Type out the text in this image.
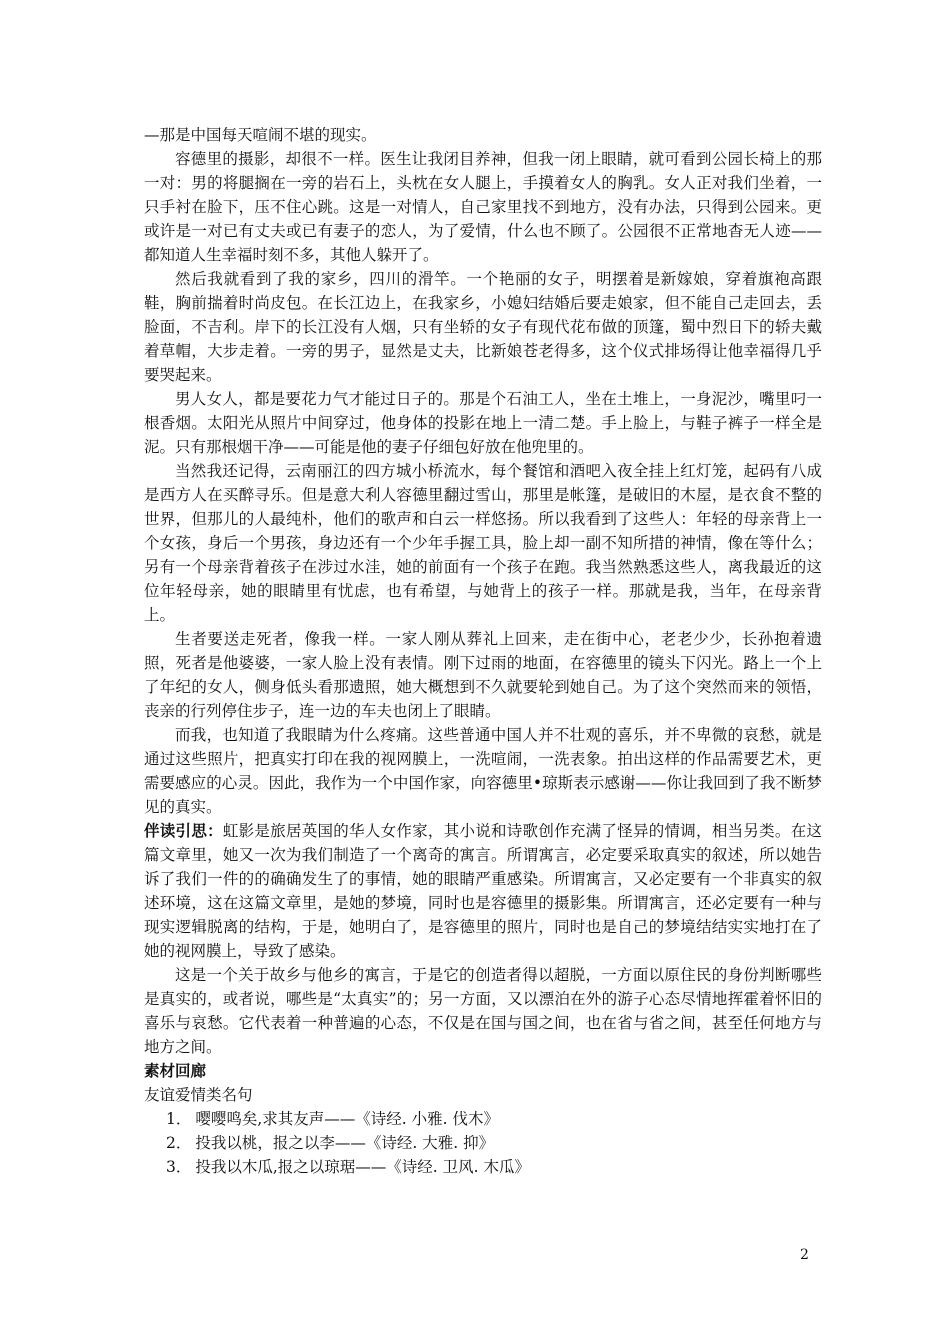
—那是中国每天喧闹不堪的现实。

容德里的摄影，却很不一样。医生让我闭目养神，但我一闭上眼睛，就可看到公园长椅上的那一对：男的将腿搁在一旁的岩石上，头枕在女人腿上，手摸着女人的胸乳。女人正对我们坐着，一只手衬在脸下，压不住心跳。这是一对情人，自己家里找不到地方，没有办法，只得到公园来。更或许是一对已有丈夫或已有妻子的恋人，为了爱情，什么也不顾了。公园很不正常地杳无人迹——都知道人生幸福时刻不多，其他人躲开了。

然后我就看到了我的家乡，四川的滑竿。一个艳丽的女子，明摆着是新嫁娘，穿着旗袍高跟鞋，胸前揣着时尚皮包。在长江边上，在我家乡，小媳妇结婚后要走娘家，但不能自己走回去，丢脸面，不吉利。岸下的长江没有人烟，只有坐轿的女子有现代花布做的顶篷，蜀中烈日下的轿夫戴着草帽，大步走着。一旁的男子，显然是丈夫，比新娘苍老得多，这个仪式排场得让他幸福得几乎要哭起来。

男人女人，都是要花力气才能过日子的。那是个石油工人，坐在土堆上，一身泥沙，嘴里叼一根香烟。太阳光从照片中间穿过，他身体的投影在地上一清二楚。手上脸上，与鞋子裤子一样全是泥。只有那根烟干净——可能是他的妻子仔细包好放在他兜里的。

当然我还记得，云南丽江的四方城小桥流水，每个餐馆和酒吧入夜全挂上红灯笼，起码有八成是西方人在买醉寻乐。但是意大利人容德里翻过雪山，那里是帐篷，是破旧的木屋，是衣食不整的世界，但那儿的人最纯朴，他们的歌声和白云一样悠扬。所以我看到了这些人：年轻的母亲背上一个女孩，身后一个男孩，身边还有一个少年手握工具，脸上却一副不知所措的神情，像在等什么；另有一个母亲背着孩子在涉过水洼，她的前面有一个孩子在跑。我当然熟悉这些人，离我最近的这位年轻母亲，她的眼睛里有忧虑，也有希望，与她背上的孩子一样。那就是我，当年，在母亲背上。

生者要送走死者，像我一样。一家人刚从葬礼上回来，走在街中心，老老少少，长孙抱着遗照，死者是他婆婆，一家人脸上没有表情。刚下过雨的地面，在容德里的镜头下闪光。路上一个上了年纪的女人，侧身低头看那遗照，她大概想到不久就要轮到她自己。为了这个突然而来的领悟，丧亲的行列停住步子，连一边的车夫也闭上了眼睛。

而我，也知道了我眼睛为什么疼痛。这些普通中国人并不壮观的喜乐，并不卑微的哀愁，就是通过这些照片，把真实打印在我的视网膜上，一洗喧闹，一洗表象。拍出这样的作品需要艺术，更需要感应的心灵。因此，我作为一个中国作家，向容德里•琼斯表示感谢——你让我回到了我不断梦见的真实。

伴读引思：虹影是旅居英国的华人女作家，其小说和诗歌创作充满了怪异的情调，相当另类。在这篇文章里，她又一次为我们制造了一个离奇的寓言。所谓寓言，必定要采取真实的叙述，所以她告诉了我们一件的的确确发生了的事情，她的眼睛严重感染。所谓寓言，又必定要有一个非真实的叙述环境，这在这篇文章里，是她的梦境，同时也是容德里的摄影集。所谓寓言，还必定要有一种与现实逻辑脱离的结构，于是，她明白了，是容德里的照片，同时也是自己的梦境结结实实地打在了她的视网膜上，导致了感染。

这是一个关于故乡与他乡的寓言，于是它的创造者得以超脱，一方面以原住民的身份判断哪些是真实的，或者说，哪些是“太真实”的；另一方面，又以漂泊在外的游子心态尽情地挥霍着怀旧的喜乐与哀愁。它代表着一种普遍的心态，不仅是在国与国之间，也在省与省之间，甚至任何地方与地方之间。

素材回廊

友谊爱情类名句

1． 嘤嘤鸣矣,求其友声——《诗经. 小雅. 伐木》
2． 投我以桃，报之以李——《诗经. 大雅. 抑》
3． 投我以木瓜,报之以琼琚——《诗经. 卫风. 木瓜》
2
